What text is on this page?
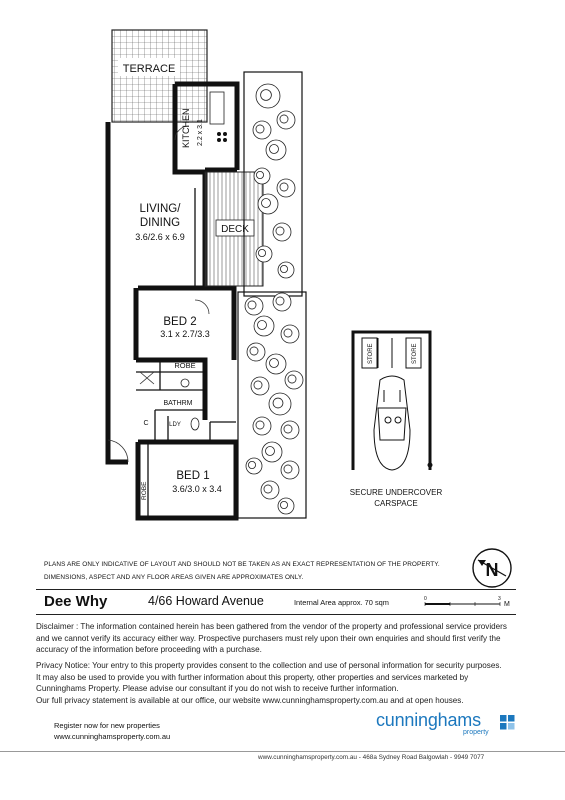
TERRACE
KITCHEN 2.2 x 3.1
LIVING/
DINING
3.6/2.6 x 6.9
DECK
BED 2
3.1 x 2.7/3.3
ROBE
BATHRM
C	LDY
BED 1
3.6/3.0 x 3.4
ROBE
STORE	STORE
SECURE UNDERCOVER
CARSPACE
PLANS ARE ONLY INDICATIVE OF LAYOUT AND SHOULD NOT BE TAKEN AS AN EXACT REPRESENTATION OF THE PROPERTY.
DIMENSIONS, ASPECT AND ANY FLOOR AREAS GIVEN ARE APPROXIMATES ONLY.	N
Dee Why	4/66 Howard Avenue	Internal Area approx. 70 sqm	0	3
M
Disclaimer : The information contained herein has been gathered from the vendor of the property and professional service providers and we cannot verify its accuracy either way. Prospective purchasers must rely upon their own enquiries and should first verify the accuracy of the information before proceeding with a purchase.
Privacy Notice: Your entry to this property provides consent to the collection and use of personal information for security purposes.
It may also be used to provide you with further information about this property, other properties and services marketed by
Cunninghams Property. Please advise our consultant if you do not wish to receive further information.
Our full privacy statement is available at our office, our website www.cunninghamsproperty.com.au and at open houses.
Register now for new properties
www.cunninghamsproperty.com.au
cunninghams
property
www.cunninghamsproperty.com.au - 468a Sydney Road Balgowlah - 9949 7077
